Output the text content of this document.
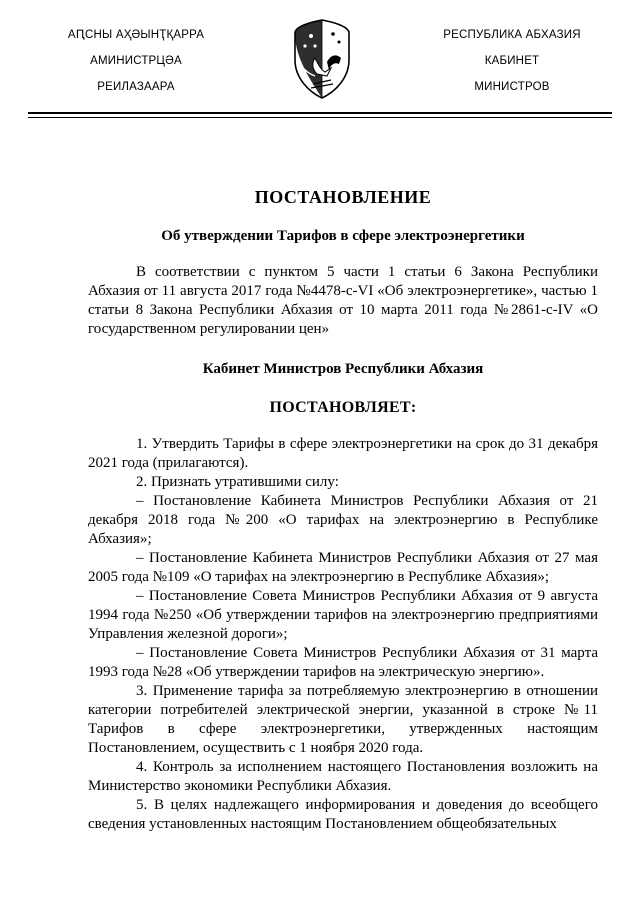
АԤСНЫ АҲӘЫНҬҚАРРА
АМИНИСТРЦӘА
РЕИЛАЗААРА
РЕСПУБЛИКА АБХАЗИЯ
КАБИНЕТ
МИНИСТРОВ
ПОСТАНОВЛЕНИЕ
Об утверждении Тарифов в сфере электроэнергетики

В соответствии с пунктом 5 части 1 статьи 6 Закона Республики Абхазия от 11 августа 2017 года №4478-с-VI «Об электроэнергетике», частью 1 статьи 8 Закона Республики Абхазия от 10 марта 2011 года №2861-с-IV «О государственном регулировании цен»

Кабинет Министров Республики Абхазия
ПОСТАНОВЛЯЕТ:

1. Утвердить Тарифы в сфере электроэнергетики на срок до 31 декабря 2021 года (прилагаются).

2. Признать утратившими силу:

– Постановление Кабинета Министров Республики Абхазия от 21 декабря 2018 года №200 «О тарифах на электроэнергию в Республике Абхазия»;

– Постановление Кабинета Министров Республики Абхазия от 27 мая 2005 года №109 «О тарифах на электроэнергию в Республике Абхазия»;

– Постановление Совета Министров Республики Абхазия от 9 августа 1994 года №250 «Об утверждении тарифов на электроэнергию предприятиями Управления железной дороги»;

– Постановление Совета Министров Республики Абхазия от 31 марта 1993 года №28 «Об утверждении тарифов на электрическую энергию».

3. Применение тарифа за потребляемую электроэнергию в отношении категории потребителей электрической энергии, указанной в строке №11 Тарифов в сфере электроэнергетики, утвержденных настоящим Постановлением, осуществить с 1 ноября 2020 года.

4. Контроль за исполнением настоящего Постановления возложить на Министерство экономики Республики Абхазия.

5. В целях надлежащего информирования и доведения до всеобщего сведения установленных настоящим Постановлением общеобязательных
